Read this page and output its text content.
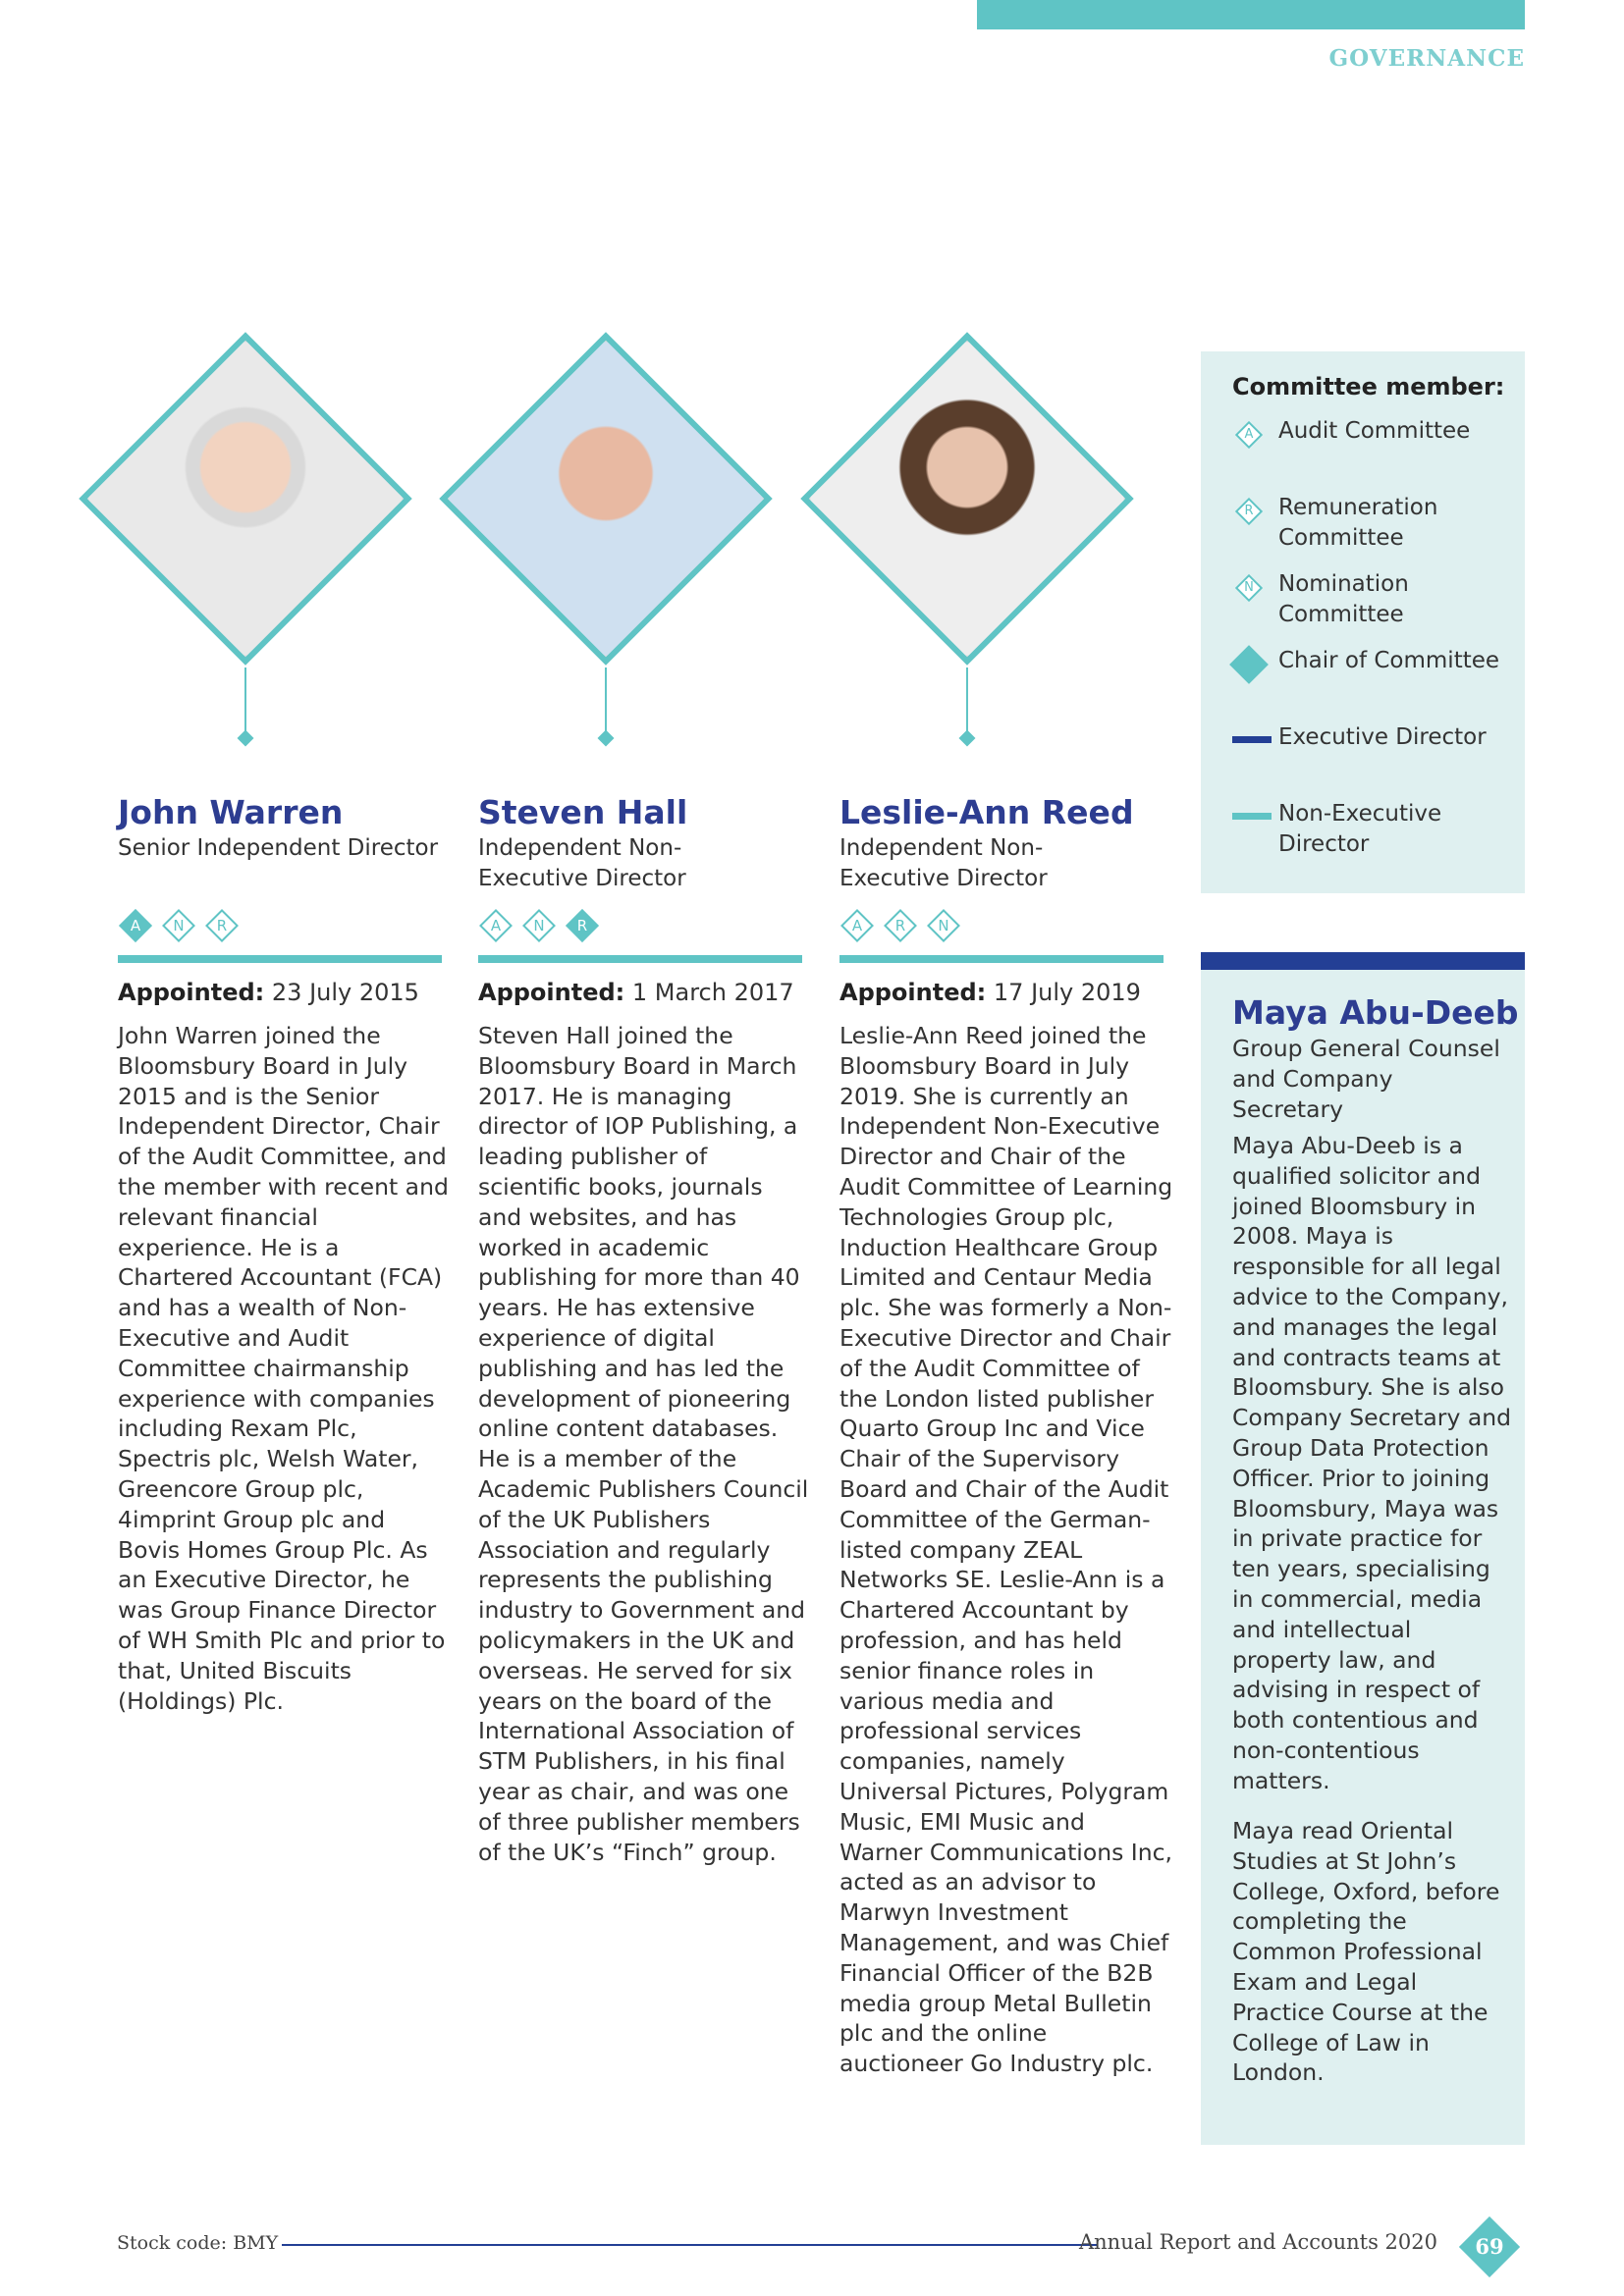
GOVERNANCE
John Warren
Senior Independent Director
A	N	R
Appointed: 23 July 2015
John Warren joined the Bloomsbury Board in July 2015 and is the Senior Independent Director, Chair of the Audit Committee, and the member with recent and relevant financial experience. He is a Chartered Accountant (FCA) and has a wealth of Non-Executive and Audit Committee chairmanship experience with companies including Rexam Plc, Spectris plc, Welsh Water, Greencore Group plc, 4imprint Group plc and Bovis Homes Group Plc. As an Executive Director, he was Group Finance Director of WH Smith Plc and prior to that, United Biscuits (Holdings) Plc.
Steven Hall
Independent Non-Executive Director
A	N	R
Appointed: 1 March 2017
Steven Hall joined the Bloomsbury Board in March 2017. He is managing director of IOP Publishing, a leading publisher of scientific books, journals and websites, and has worked in academic publishing for more than 40 years. He has extensive experience of digital publishing and has led the development of pioneering online content databases. He is a member of the Academic Publishers Council of the UK Publishers Association and regularly represents the publishing industry to Government and policymakers in the UK and overseas. He served for six years on the board of the International Association of STM Publishers, in his final year as chair, and was one of three publisher members of the UK’s “Finch” group.
Leslie-Ann Reed
Independent Non-Executive Director
A	R	N
Appointed: 17 July 2019
Leslie-Ann Reed joined the Bloomsbury Board in July 2019. She is currently an Independent Non-Executive Director and Chair of the Audit Committee of Learning Technologies Group plc, Induction Healthcare Group Limited and Centaur Media plc. She was formerly a Non-Executive Director and Chair of the Audit Committee of the London listed publisher Quarto Group Inc and Vice Chair of the Supervisory Board and Chair of the Audit Committee of the German-listed company ZEAL Networks SE. Leslie-Ann is a Chartered Accountant by profession, and has held senior finance roles in various media and professional services companies, namely Universal Pictures, Polygram Music, EMI Music and Warner Communications Inc, acted as an advisor to Marwyn Investment Management, and was Chief Financial Officer of the B2B media group Metal Bulletin plc and the online auctioneer Go Industry plc.
Committee member:
A	Audit Committee
R	Remuneration Committee
N	Nomination Committee
Chair of Committee
Executive Director
Non-Executive Director
Maya Abu-Deeb
Group General Counsel and Company Secretary
Maya Abu-Deeb is a qualified solicitor and joined Bloomsbury in 2008. Maya is responsible for all legal advice to the Company, and manages the legal and contracts teams at Bloomsbury. She is also Company Secretary and Group Data Protection Officer. Prior to joining Bloomsbury, Maya was in private practice for ten years, specialising in commercial, media and intellectual property law, and advising in respect of both contentious and non-contentious matters.
Maya read Oriental Studies at St John’s College, Oxford, before completing the Common Professional Exam and Legal Practice Course at the College of Law in London.
Stock code: BMY	Annual Report and Accounts 2020	69
